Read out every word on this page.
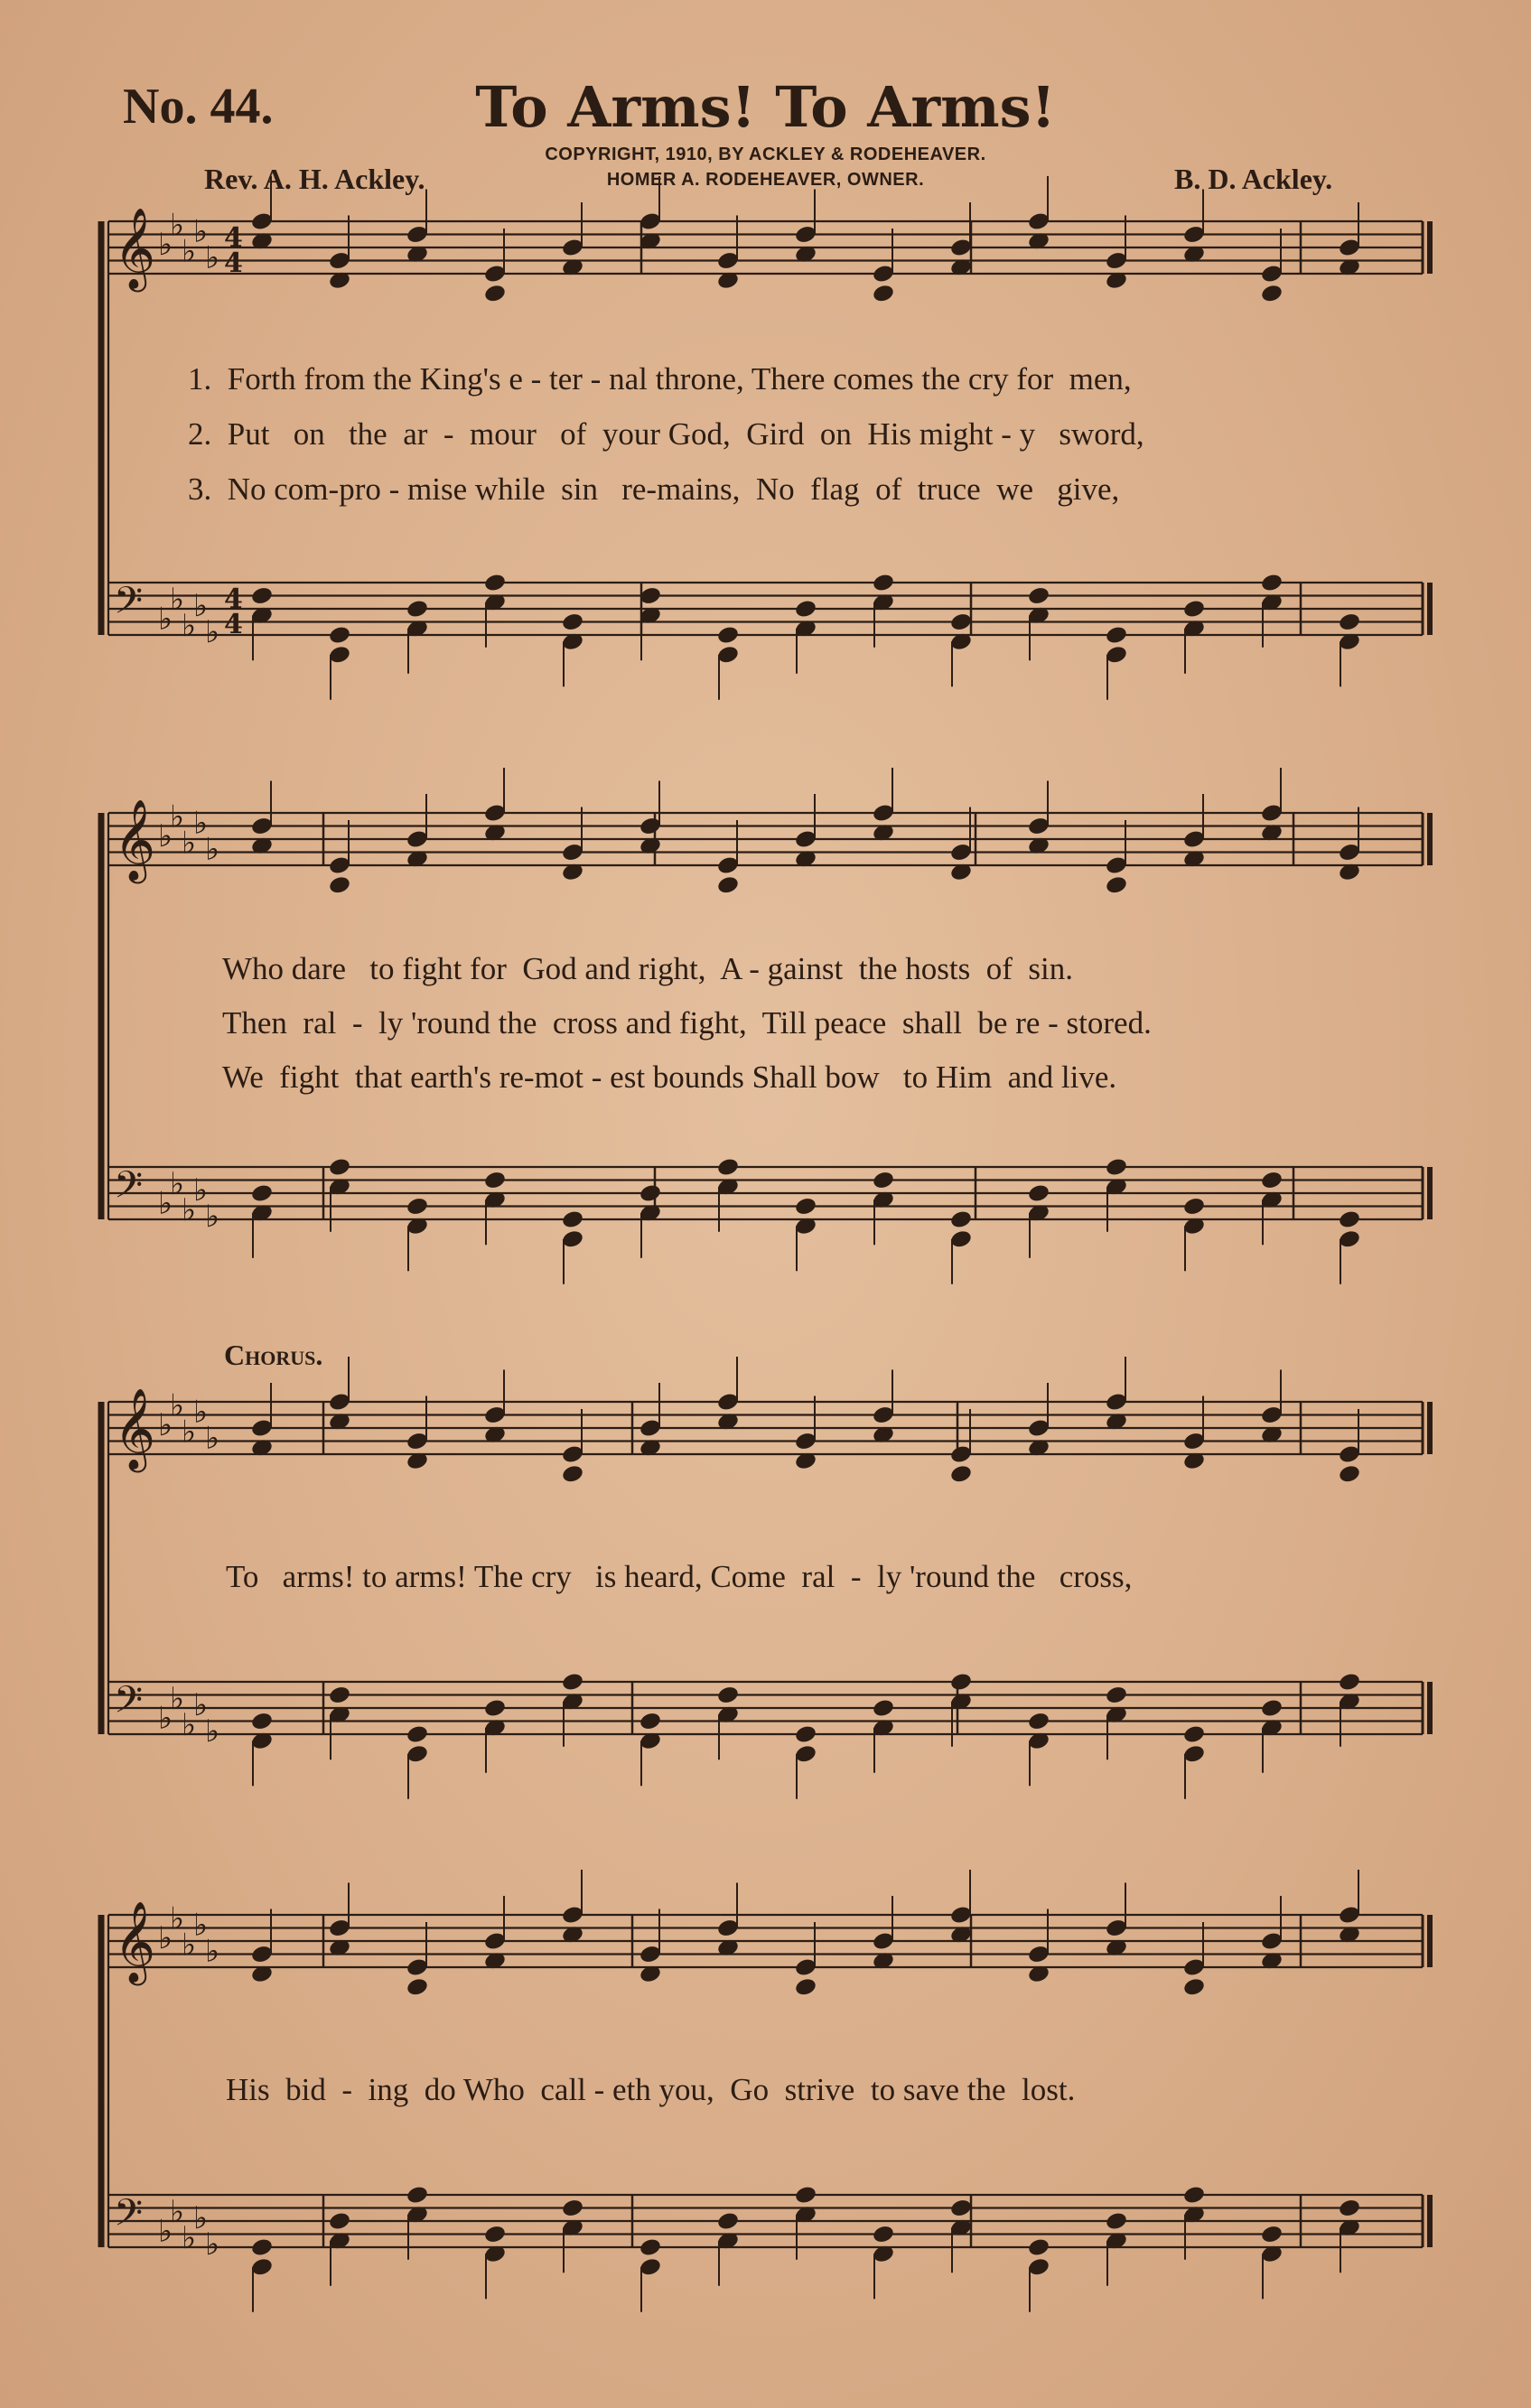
No. 44.	To Arms! To Arms!
COPYRIGHT, 1910, BY ACKLEY & RODEHEAVER.
HOMER A. RODEHEAVER, OWNER.
Rev. A. H. Ackley.	B. D. Ackley.
𝄞 ♭
♭
♭
♭
♭
4
4
𝄢 ♭
♭
♭
♭
♭
4
4
𝄞 ♭
♭
♭
♭
♭
𝄢 ♭
♭
♭
♭
♭
𝄞 ♭
♭
♭
♭
♭
𝄢 ♭
♭
♭
♭
♭
𝄞 ♭
♭
♭
♭
♭
𝄢 ♭
♭
♭
♭
♭
1.  Forth from the King's e - ter - nal throne, There comes the cry for  men,
2.  Put   on   the  ar  -  mour   of  your God,  Gird  on  His might - y   sword,
3.  No com-pro - mise while  sin   re-mains,  No  flag  of  truce  we   give,
Who dare   to fight for  God and right,  A - gainst  the hosts  of  sin.
Then  ral  -  ly 'round the  cross and fight,  Till peace  shall  be re - stored.
We  fight  that earth's re-mot - est bounds Shall bow   to Him  and live.
Chorus.
To   arms! to arms! The cry   is heard, Come  ral  -  ly 'round the   cross,
His  bid  -  ing  do Who  call - eth you,  Go  strive  to save the  lost.
